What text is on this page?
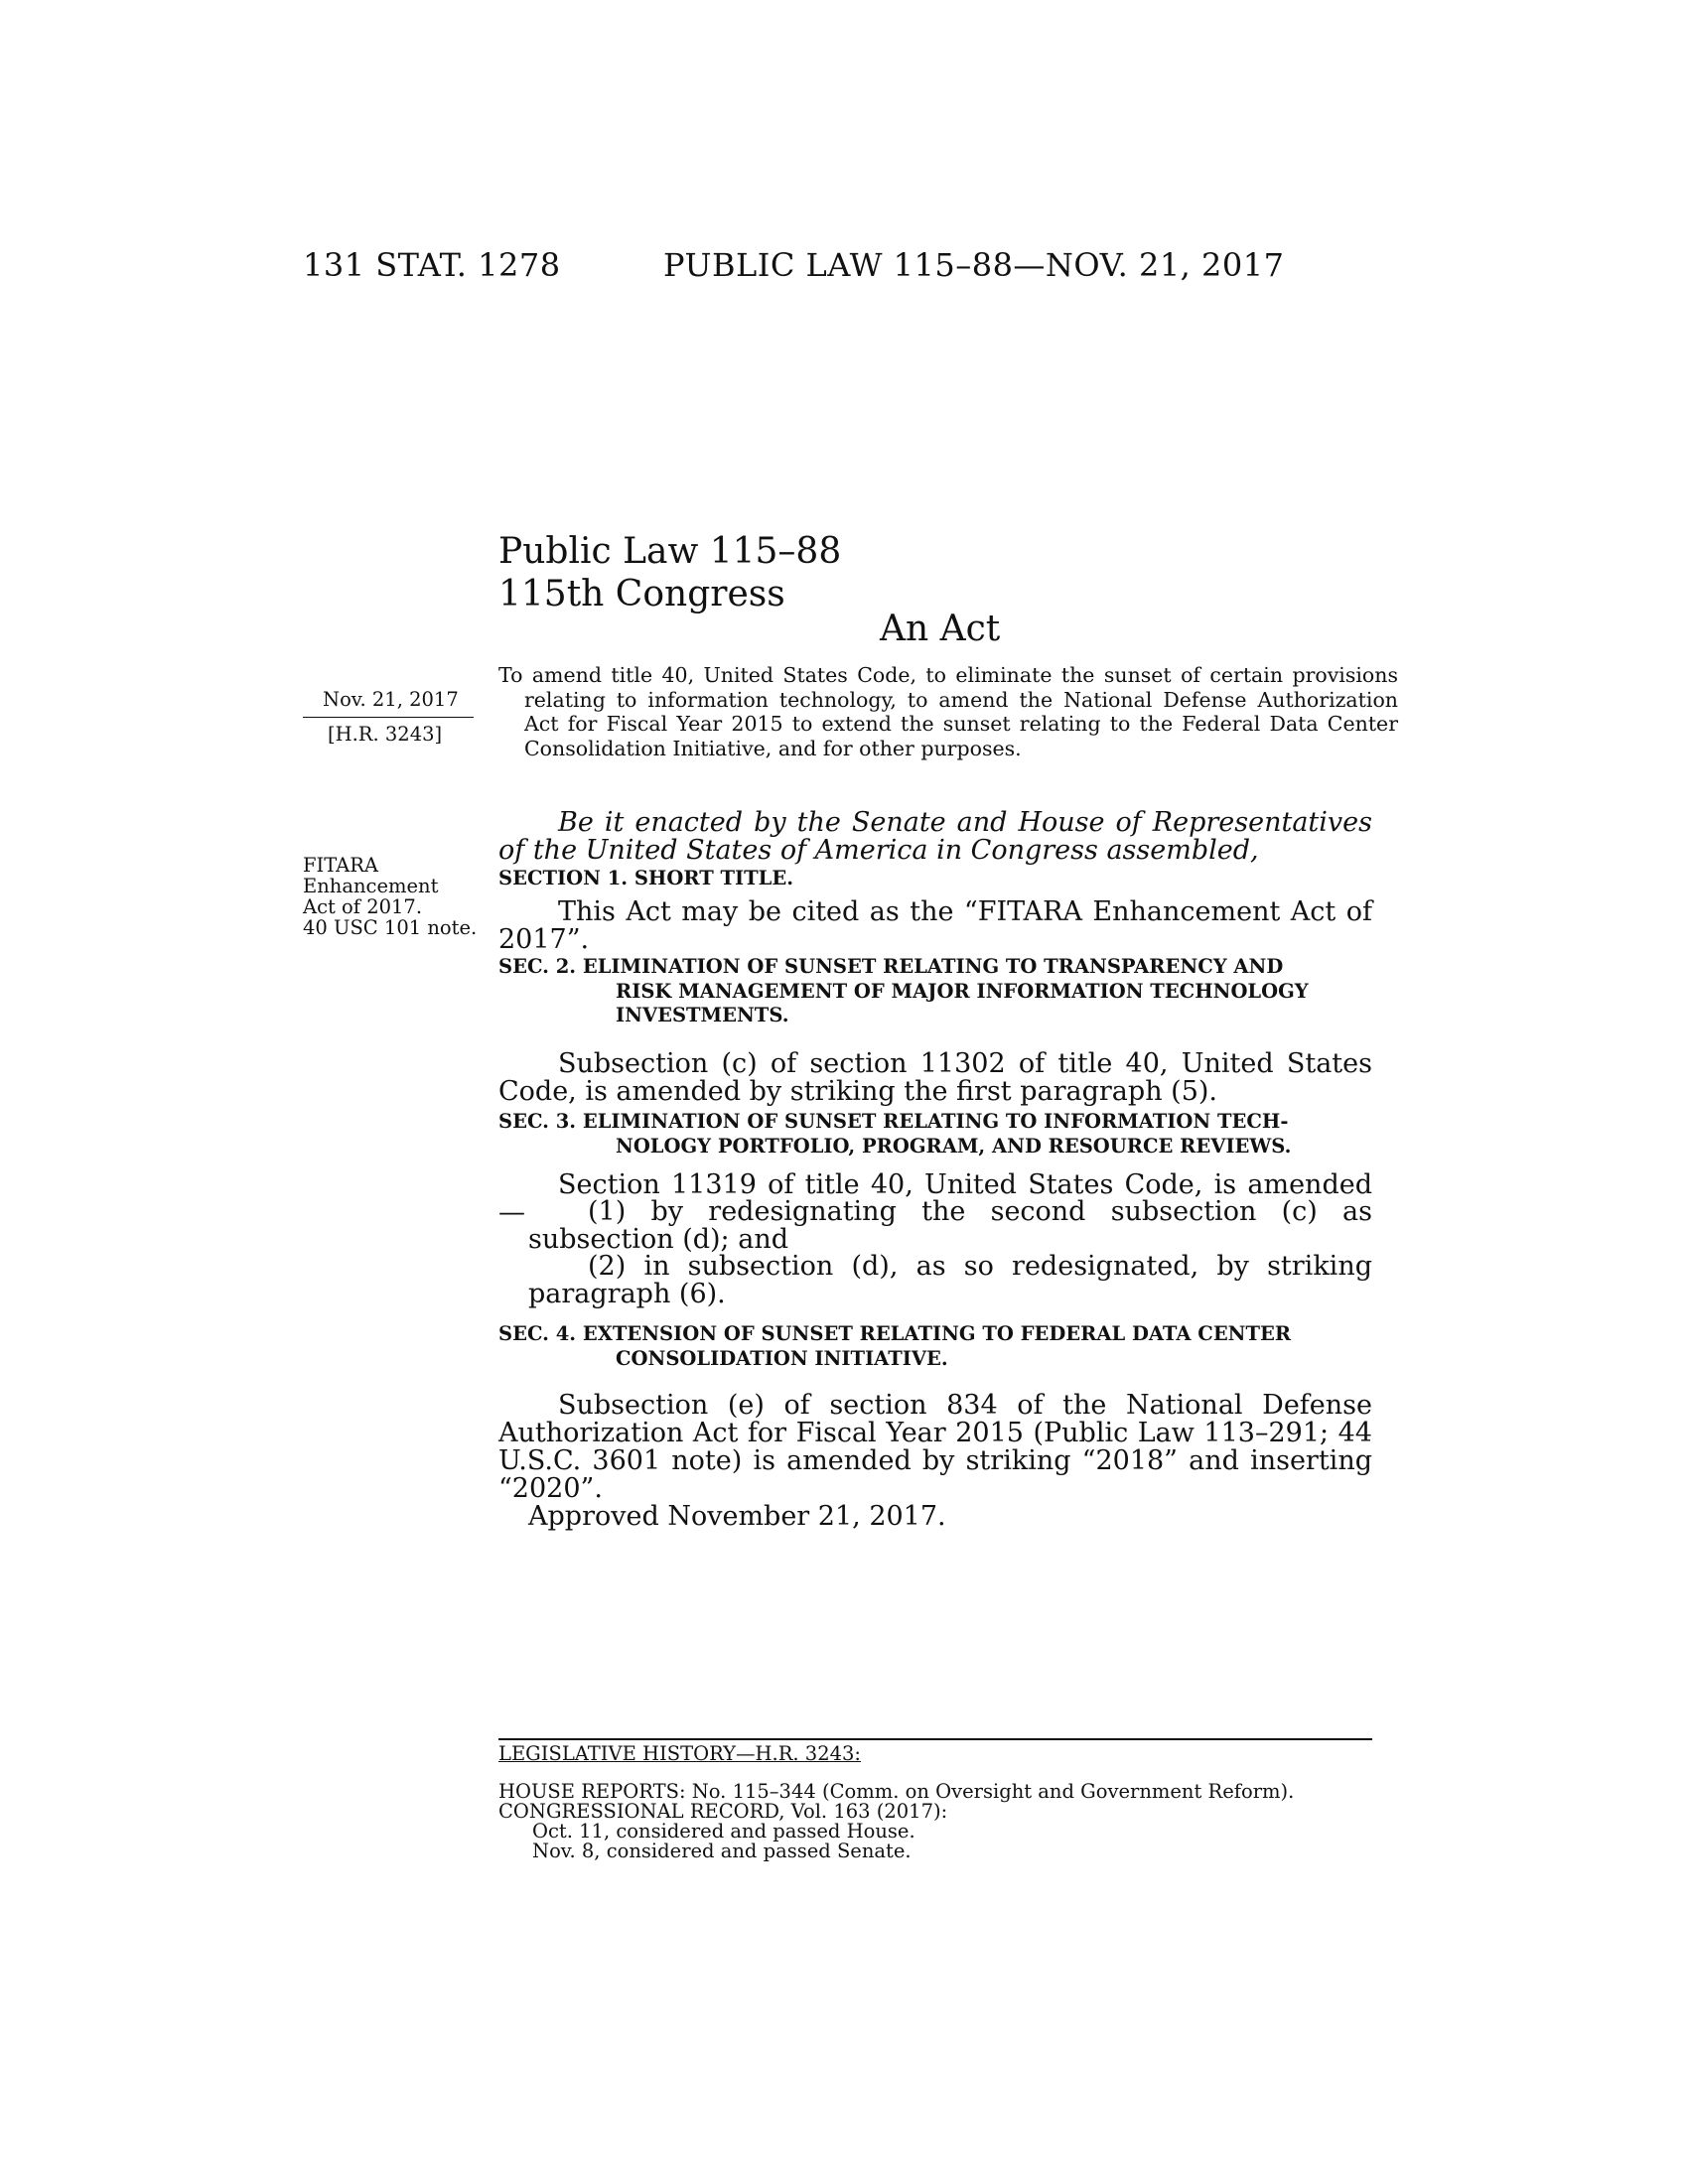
131 STAT. 1278	PUBLIC LAW 115–88—NOV. 21, 2017
Public Law 115–88
115th Congress
An Act
To amend title 40, United States Code, to eliminate the sunset of certain provisions relating to information technology, to amend the National Defense Authorization Act for Fiscal Year 2015 to extend the sunset relating to the Federal Data Center Consolidation Initiative, and for other purposes.
Nov. 21, 2017
[H.R. 3243]
FITARA
Enhancement
Act of 2017.
40 USC 101 note.
Be it enacted by the Senate and House of Representatives of the United States of America in Congress assembled,
SECTION 1. SHORT TITLE.
This Act may be cited as the “FITARA Enhancement Act of 2017”.
SEC. 2. ELIMINATION OF SUNSET RELATING TO TRANSPARENCY AND
RISK MANAGEMENT OF MAJOR INFORMATION TECHNOLOGY INVESTMENTS.
Subsection (c) of section 11302 of title 40, United States Code, is amended by striking the first paragraph (5).
SEC. 3. ELIMINATION OF SUNSET RELATING TO INFORMATION TECH-
NOLOGY PORTFOLIO, PROGRAM, AND RESOURCE REVIEWS.
Section 11319 of title 40, United States Code, is amended—	(1) by redesignating the second subsection (c) as subsection (d); and
(2) in subsection (d), as so redesignated, by striking paragraph (6).
SEC. 4. EXTENSION OF SUNSET RELATING TO FEDERAL DATA CENTER
CONSOLIDATION INITIATIVE.
Subsection (e) of section 834 of the National Defense Authorization Act for Fiscal Year 2015 (Public Law 113–291; 44 U.S.C. 3601 note) is amended by striking “2018” and inserting “2020”.
Approved November 21, 2017.
LEGISLATIVE HISTORY—H.R. 3243:
HOUSE REPORTS: No. 115–344 (Comm. on Oversight and Government Reform).
CONGRESSIONAL RECORD, Vol. 163 (2017):
Oct. 11, considered and passed House.
Nov. 8, considered and passed Senate.
